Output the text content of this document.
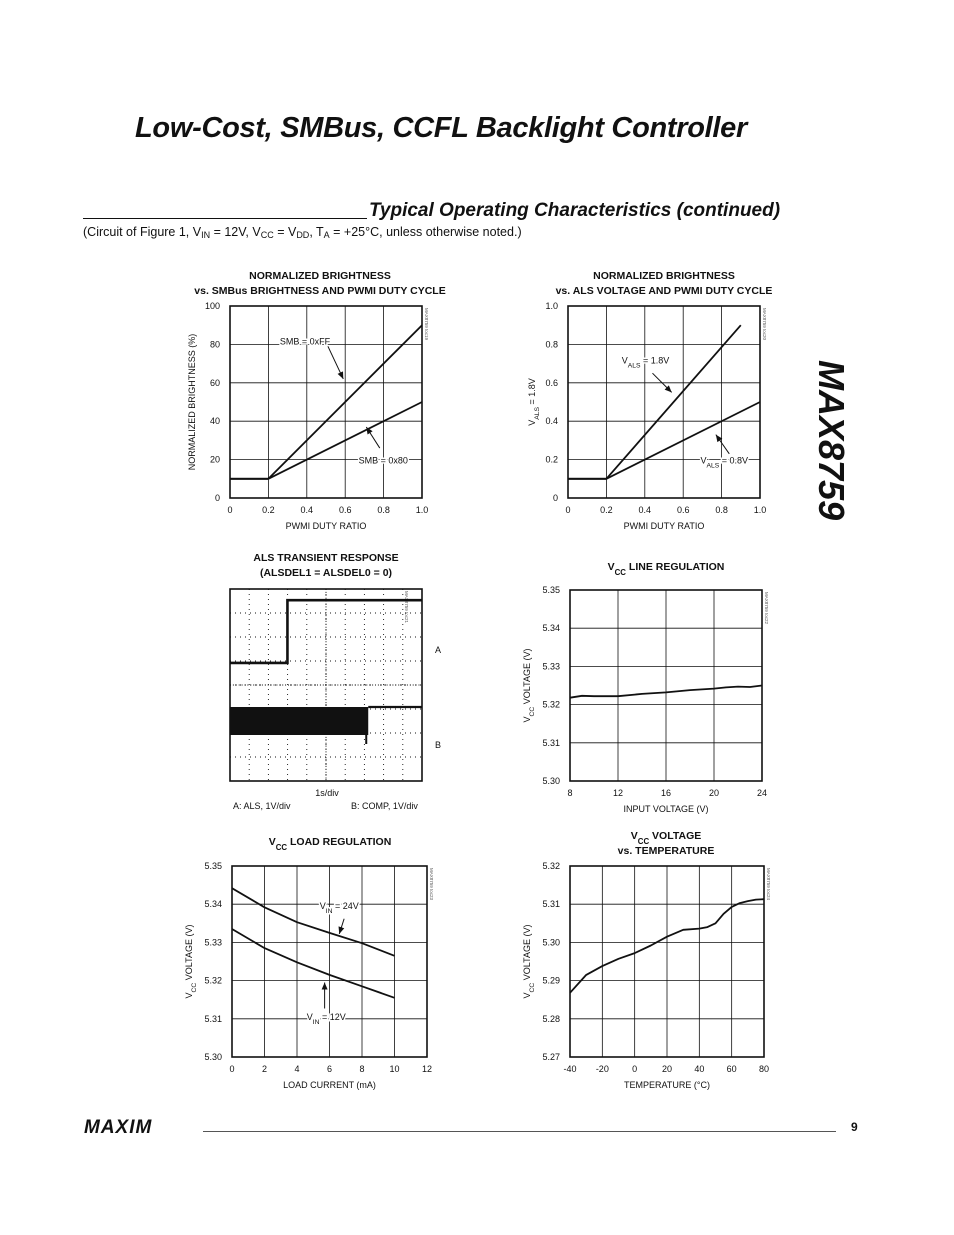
Low-Cost, SMBus, CCFL Backlight Controller
MAX8759
Typical Operating Characteristics (continued)
(Circuit of Figure 1, $V_{IN} = 12V$, $V_{CC} = V_{DD}$, $T_A = +25^\circ C$, unless otherwise noted.)
NORMALIZED BRIGHTNESS
vs. SMBus BRIGHTNESS AND PWMI DUTY CYCLE
MAX8759 toc19
0	0.2	0.4	0.6	0.8	1.0
0
20
40
60
80
100
PWMI DUTY RATIO
NORMALIZED BRIGHTNESS (%)	SMB = 0xFF
SMB = 0x80
NORMALIZED BRIGHTNESS
vs. ALS VOLTAGE AND PWMI DUTY CYCLE
MAX8759 toc20
0	0.2	0.4	0.6	0.8	1.0
0
0.2
0.4
0.6
0.8
1.0
PWMI DUTY RATIO
$V_{ALS} = 1.8V$
$V_{ALS} = 1.8V$
$V_{ALS} = 0.8V$
ALS TRANSIENT RESPONSE
(ALSDEL1 = ALSDEL0 = 0)
MAX8759 toc21
A
B
1s/div
A: ALS, 1V/div	B: COMP, 1V/div
$V_{CC}$ LINE REGULATION
MAX8759 toc22
8	12	16	20	24
5.30
5.31
5.32
5.33
5.34
5.35
INPUT VOLTAGE (V)
$V_{CC}$ VOLTAGE (V)
$V_{CC}$ LOAD REGULATION
MAX8759 toc23
0	2	4	6	8	10 12
5.30
5.31
5.32
5.33
5.34
5.35
LOAD CURRENT (mA)
$V_{CC}$ VOLTAGE (V)
$V_{IN} = 24V$
$V_{IN} = 12V$
$V_{CC}$ VOLTAGE
vs. TEMPERATURE
MAX8759 toc24
-40 -20	0	20 40 60 80
5.27
5.28
5.29
5.30
5.31
5.32
TEMPERATURE (°C)
$V_{CC}$ VOLTAGE (V)
MAXIM	9
